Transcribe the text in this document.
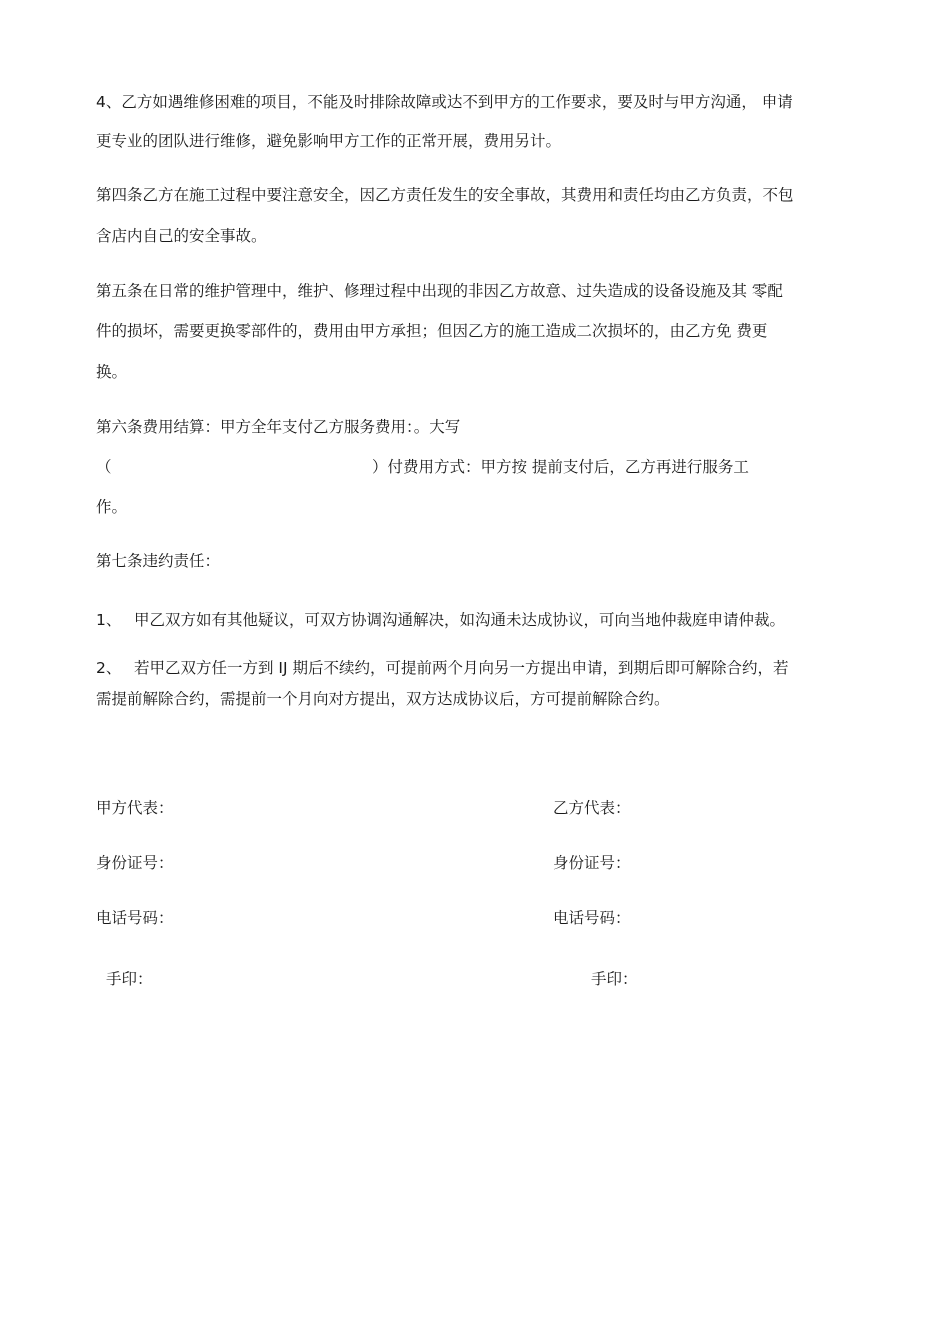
4、乙方如遇维修困难的项目，不能及时排除故障或达不到甲方的工作要求，要及时与甲方沟通， 申请
更专业的团队进行维修，避免影响甲方工作的正常开展，费用另计。
第四条乙方在施工过程中要注意安全，因乙方责任发生的安全事故，其费用和责任均由乙方负责，不包
含店内自己的安全事故。
第五条在日常的维护管理中，维护、修理过程中出现的非因乙方故意、过失造成的设备设施及其 零配
件的损坏，需要更换零部件的，费用由甲方承担；但因乙方的施工造成二次损坏的，由乙方免 费更
换。
第六条费用结算：甲方全年支付乙方服务费用：。大写
（	）付费用方式：甲方按 提前支付后，乙方再进行服务工
作。
第七条违约责任：
1、 甲乙双方如有其他疑议，可双方协调沟通解决，如沟通未达成协议，可向当地仲裁庭申请仲裁。
2、 若甲乙双方任一方到 IJ 期后不续约，可提前两个月向另一方提出申请，到期后即可解除合约，若
需提前解除合约，需提前一个月向对方提出，双方达成协议后，方可提前解除合约。
甲方代表：
身份证号：
电话号码：
手印：
乙方代表：
身份证号：
电话号码：
手印：
